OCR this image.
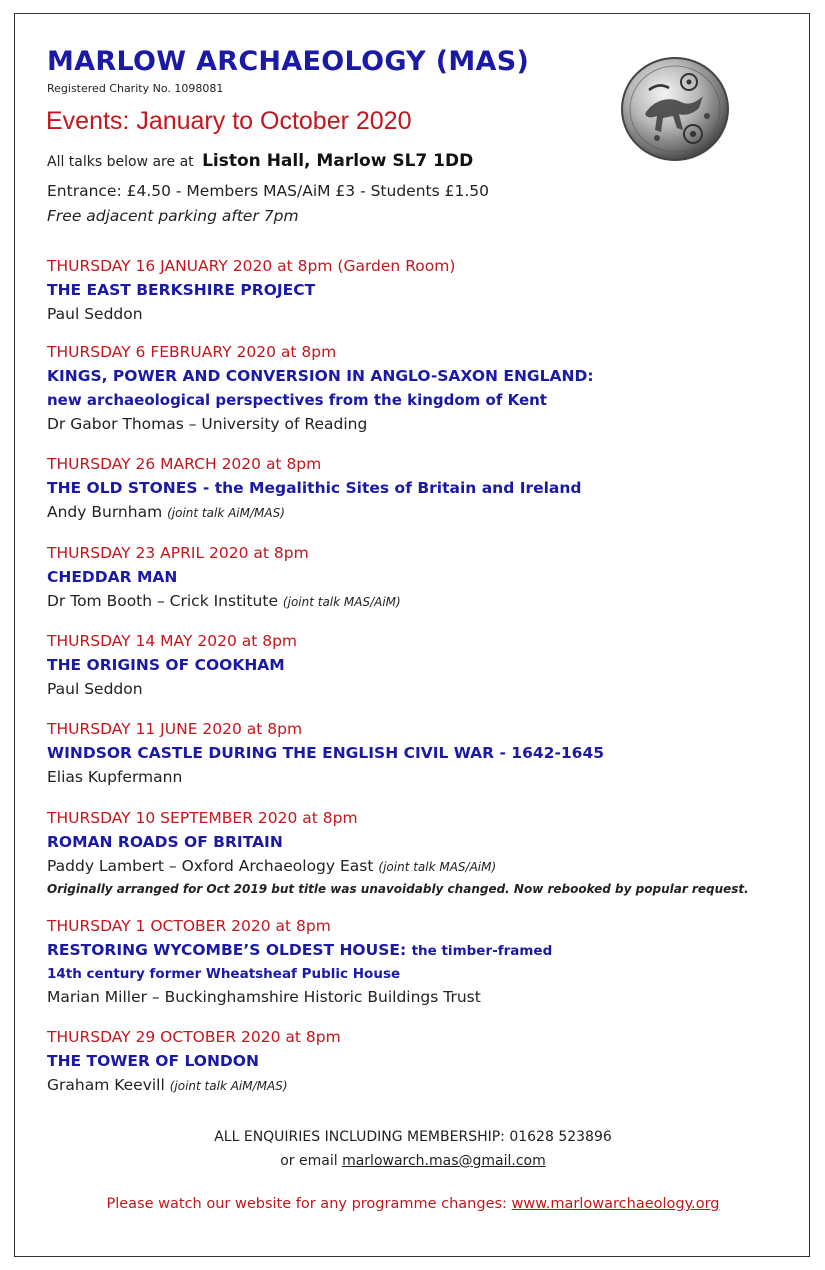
MARLOW ARCHAEOLOGY (MAS)
Registered Charity No. 1098081
Events: January to October 2020
All talks below are at Liston Hall, Marlow SL7 1DD
Entrance: £4.50 - Members MAS/AiM £3 - Students £1.50
Free adjacent parking after 7pm
THURSDAY 16 JANUARY 2020 at 8pm (Garden Room)
THE EAST BERKSHIRE PROJECT
Paul Seddon
THURSDAY 6 FEBRUARY 2020 at 8pm
KINGS, POWER AND CONVERSION IN ANGLO-SAXON ENGLAND:
new archaeological perspectives from the kingdom of Kent
Dr Gabor Thomas – University of Reading
THURSDAY 26 MARCH 2020 at 8pm
THE OLD STONES - the Megalithic Sites of Britain and Ireland
Andy Burnham (joint talk AiM/MAS)
THURSDAY 23 APRIL 2020 at 8pm
CHEDDAR MAN
Dr Tom Booth – Crick Institute (joint talk MAS/AiM)
THURSDAY 14 MAY 2020 at 8pm
THE ORIGINS OF COOKHAM
Paul Seddon
THURSDAY 11 JUNE 2020 at 8pm
WINDSOR CASTLE DURING THE ENGLISH CIVIL WAR - 1642-1645
Elias Kupfermann
THURSDAY 10 SEPTEMBER 2020 at 8pm
ROMAN ROADS OF BRITAIN
Paddy Lambert – Oxford Archaeology East (joint talk MAS/AiM)
Originally arranged for Oct 2019 but title was unavoidably changed. Now rebooked by popular request.
THURSDAY 1 OCTOBER 2020 at 8pm
RESTORING WYCOMBE’S OLDEST HOUSE: the timber-framed
14th century former Wheatsheaf Public House
Marian Miller – Buckinghamshire Historic Buildings Trust
THURSDAY 29 OCTOBER 2020 at 8pm
THE TOWER OF LONDON
Graham Keevill (joint talk AiM/MAS)
ALL ENQUIRIES INCLUDING MEMBERSHIP: 01628 523896
or email marlowarch.mas@gmail.com
Please watch our website for any programme changes: www.marlowarchaeology.org
